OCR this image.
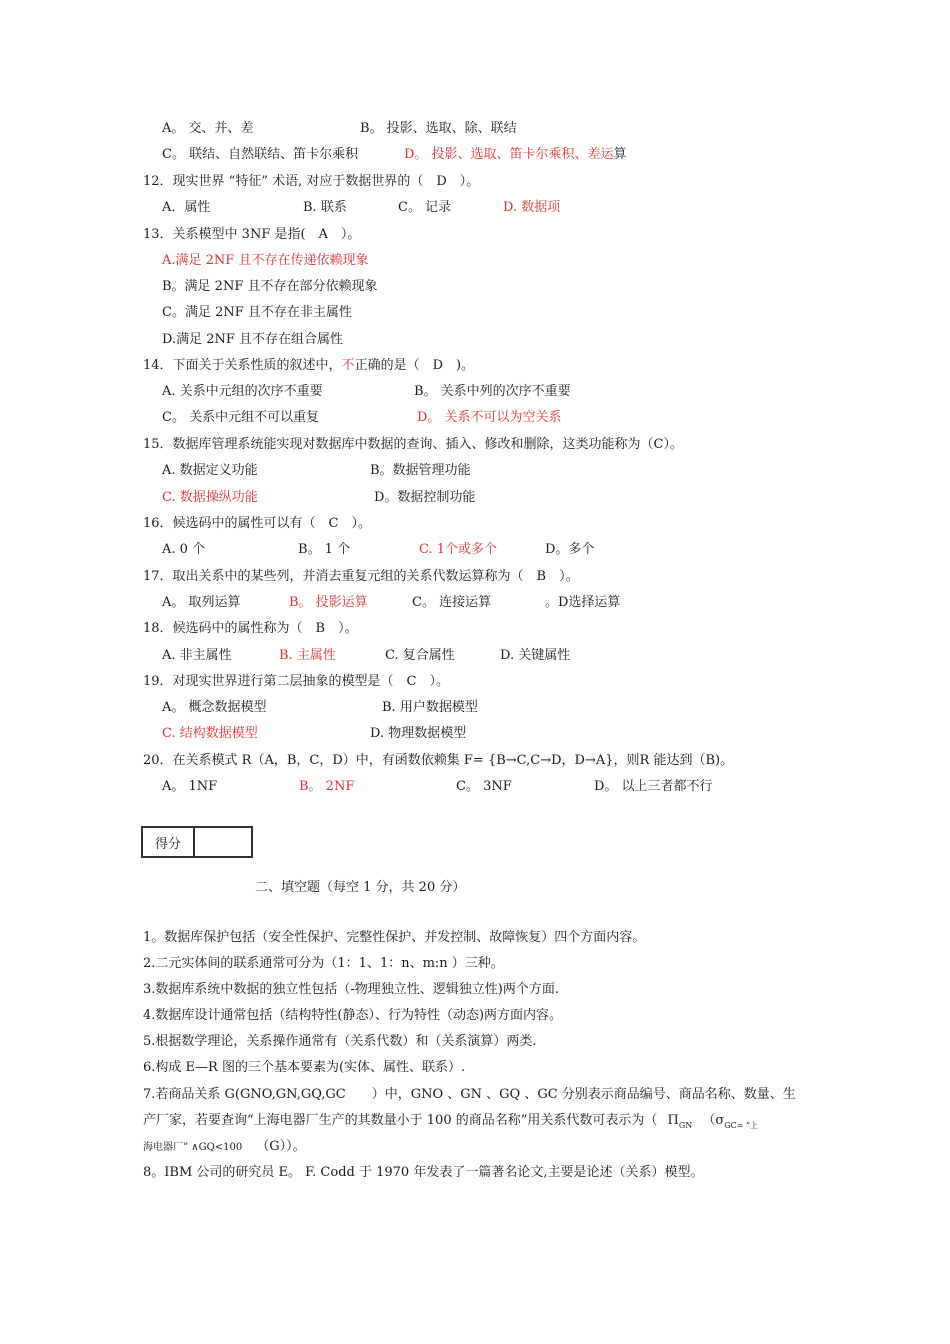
A。 交、并、差	B。 投影、选取、除、联结
C。 联结、自然联结、笛卡尔乘积	D。 投影、选取、笛卡尔乘积、差运算
12．现实世界 “特征” 术语, 对应于数据世界的（　D　）。
A．属性	B. 联系	C。 记录	D. 数据项
13．关系模型中 3NF 是指(　A　）。
A.满足 2NF 且不存在传递依赖现象
B。满足 2NF 且不存在部分依赖现象
C。满足 2NF 且不存在非主属性
D.满足 2NF 且不存在组合属性
14．下面关于关系性质的叙述中，不正确的是（　D　)。
A. 关系中元组的次序不重要	B。 关系中列的次序不重要
C。 关系中元组不可以重复	D。 关系不可以为空关系
15．数据库管理系统能实现对数据库中数据的查询、插入、修改和删除，这类功能称为（C）。
A. 数据定义功能	B。数据管理功能
C. 数据操纵功能	D。数据控制功能
16．候选码中的属性可以有（　C　）。
A. 0 个	B。 1 个	C. 1个或多个	D。多个
17．取出关系中的某些列，并消去重复元组的关系代数运算称为（　B　）。
A。 取列运算	B。 投影运算	C。 连接运算	。D选择运算
18．候选码中的属性称为（　B　）。
A. 非主属性	B. 主属性	C. 复合属性	D. 关键属性
19．对现实世界进行第二层抽象的模型是（　C　）。
A。 概念数据模型	B. 用户数据模型
C. 结构数据模型	D. 物理数据模型
20．在关系模式 R（A，B，C，D）中，有函数依赖集 F= {B→C,C→D，D→A}，则R 能达到（B)。
A。 1NF	B。 2NF	C。 3NF	D。 以上三者都不行
得分	
二、填空题（每空 1 分，共 20 分）
1。数据库保护包括（安全性保护、完整性保护、并发控制、故障恢复）四个方面内容。
2.二元实体间的联系通常可分为（1：1、1：n、m:n ）三种。
3.数据库系统中数据的独立性包括（-物理独立性、逻辑独立性)两个方面.
4.数据库设计通常包括（结构特性(静态）、行为特性（动态)两方面内容。
5.根据数学理论，关系操作通常有（关系代数）和（关系演算）两类.
6.构成 E—R 图的三个基本要素为(实体、属性、联系）.
7.若商品关系 G(GNO,GN,GQ,GC　　）中，GNO 、GN 、GQ 、GC 分别表示商品编号、商品名称、数量、生
产厂家，若要查询“上海电器厂生产的其数量小于 100 的商品名称”用关系代数可表示为（ $\Pi_{GN}$ （$\sigma_{GC= “上}$
海电器厂” ∧GQ<100 （G））。
8。IBM 公司的研究员 E。 F. Codd 于 1970 年发表了一篇著名论文,主要是论述（关系）模型。
